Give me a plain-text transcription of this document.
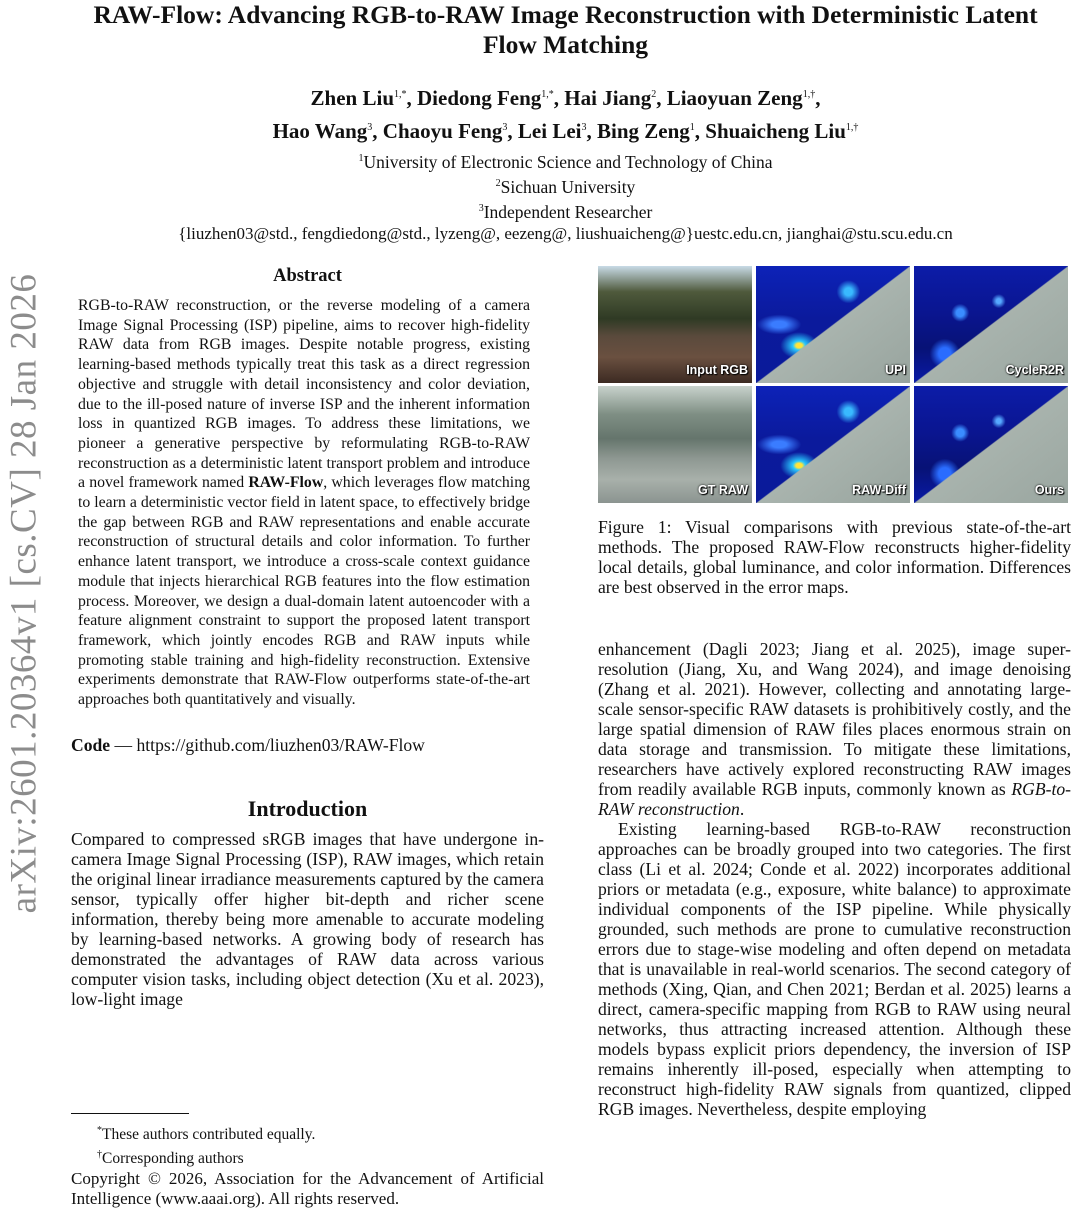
arXiv:2601.20364v1 [cs.CV] 28 Jan 2026
RAW-Flow: Advancing RGB-to-RAW Image Reconstruction with Deterministic Latent Flow Matching
Zhen Liu$^{1,*}$, Diedong Feng$^{1,*}$, Hai Jiang$^2$, Liaoyuan Zeng$^{1,\dagger}$,
Hao Wang$^3$, Chaoyu Feng$^3$, Lei Lei$^3$, Bing Zeng$^1$, Shuaicheng Liu$^{1,\dagger}$
$^1$University of Electronic Science and Technology of China
$^2$Sichuan University
$^3$Independent Researcher
{liuzhen03@std., fengdiedong@std., lyzeng@, eezeng@, liushuaicheng@}uestc.edu.cn, jianghai@stu.scu.edu.cn
Abstract

RGB-to-RAW reconstruction, or the reverse modeling of a camera Image Signal Processing (ISP) pipeline, aims to recover high-fidelity RAW data from RGB images. Despite notable progress, existing learning-based methods typically treat this task as a direct regression objective and struggle with detail inconsistency and color deviation, due to the ill-posed nature of inverse ISP and the inherent information loss in quantized RGB images. To address these limitations, we pioneer a generative perspective by reformulating RGB-to-RAW reconstruction as a deterministic latent transport problem and introduce a novel framework named RAW-Flow, which leverages flow matching to learn a deterministic vector field in latent space, to effectively bridge the gap between RGB and RAW representations and enable accurate reconstruction of structural details and color information. To further enhance latent transport, we introduce a cross-scale context guidance module that injects hierarchical RGB features into the flow estimation process. Moreover, we design a dual-domain latent autoencoder with a feature alignment constraint to support the proposed latent transport framework, which jointly encodes RGB and RAW inputs while promoting stable training and high-fidelity reconstruction. Extensive experiments demonstrate that RAW-Flow outperforms state-of-the-art approaches both quantitatively and visually.

Code — https://github.com/liuzhen03/RAW-Flow
Introduction

Compared to compressed sRGB images that have undergone in-camera Image Signal Processing (ISP), RAW images, which retain the original linear irradiance measurements captured by the camera sensor, typically offer higher bit-depth and richer scene information, thereby being more amenable to accurate modeling by learning-based networks. A growing body of research has demonstrated the advantages of RAW data across various computer vision tasks, including object detection (Xu et al. 2023), low-light image

*These authors contributed equally.
†Corresponding authors
Copyright © 2026, Association for the Advancement of Artificial Intelligence (www.aaai.org). All rights reserved.
Input RGB	UPI	CycleR2R
GT RAW	RAW-Diff	Ours
Figure 1: Visual comparisons with previous state-of-the-art methods. The proposed RAW-Flow reconstructs higher-fidelity local details, global luminance, and color information. Differences are best observed in the error maps.

enhancement (Dagli 2023; Jiang et al. 2025), image super-resolution (Jiang, Xu, and Wang 2024), and image denoising (Zhang et al. 2021). However, collecting and annotating large-scale sensor-specific RAW datasets is prohibitively costly, and the large spatial dimension of RAW files places enormous strain on data storage and transmission. To mitigate these limitations, researchers have actively explored reconstructing RAW images from readily available RGB inputs, commonly known as RGB-to-RAW reconstruction.

Existing learning-based RGB-to-RAW reconstruction approaches can be broadly grouped into two categories. The first class (Li et al. 2024; Conde et al. 2022) incorporates additional priors or metadata (e.g., exposure, white balance) to approximate individual components of the ISP pipeline. While physically grounded, such methods are prone to cumulative reconstruction errors due to stage-wise modeling and often depend on metadata that is unavailable in real-world scenarios. The second category of methods (Xing, Qian, and Chen 2021; Berdan et al. 2025) learns a direct, camera-specific mapping from RGB to RAW using neural networks, thus attracting increased attention. Although these models bypass explicit priors dependency, the inversion of ISP remains inherently ill-posed, especially when attempting to reconstruct high-fidelity RAW signals from quantized, clipped RGB images. Nevertheless, despite employing
